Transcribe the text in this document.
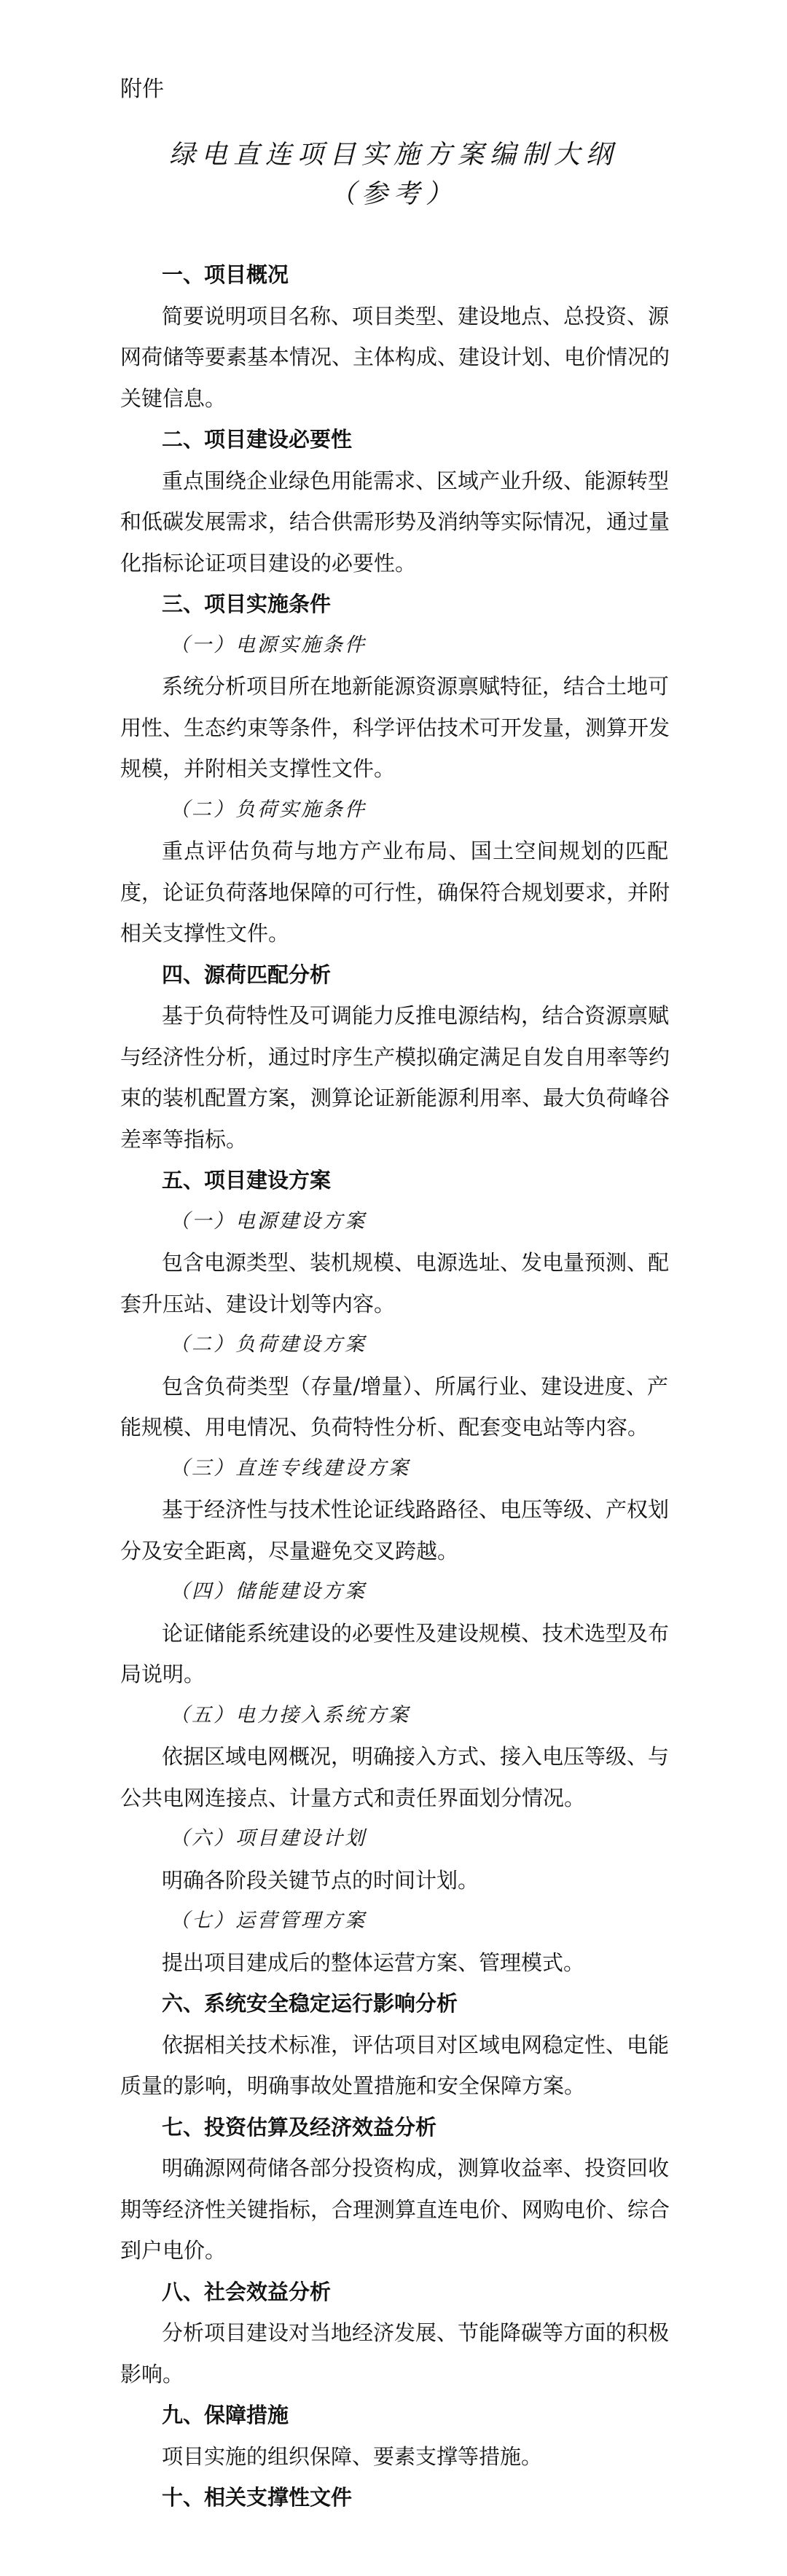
附件
绿电直连项目实施方案编制大纲
（参考）
一、项目概况
简要说明项目名称、项目类型、建设地点、总投资、源
网荷储等要素基本情况、主体构成、建设计划、电价情况的
关键信息。
二、项目建设必要性
重点围绕企业绿色用能需求、区域产业升级、能源转型
和低碳发展需求，结合供需形势及消纳等实际情况，通过量
化指标论证项目建设的必要性。
三、项目实施条件
（一）电源实施条件
系统分析项目所在地新能源资源禀赋特征，结合土地可
用性、生态约束等条件，科学评估技术可开发量，测算开发
规模，并附相关支撑性文件。
（二）负荷实施条件
重点评估负荷与地方产业布局、国土空间规划的匹配
度，论证负荷落地保障的可行性，确保符合规划要求，并附
相关支撑性文件。
四、源荷匹配分析
基于负荷特性及可调能力反推电源结构，结合资源禀赋
与经济性分析，通过时序生产模拟确定满足自发自用率等约
束的装机配置方案，测算论证新能源利用率、最大负荷峰谷
差率等指标。
五、项目建设方案
（一）电源建设方案
包含电源类型、装机规模、电源选址、发电量预测、配
套升压站、建设计划等内容。
（二）负荷建设方案
包含负荷类型（存量/增量）、所属行业、建设进度、产
能规模、用电情况、负荷特性分析、配套变电站等内容。
（三）直连专线建设方案
基于经济性与技术性论证线路路径、电压等级、产权划
分及安全距离，尽量避免交叉跨越。
（四）储能建设方案
论证储能系统建设的必要性及建设规模、技术选型及布
局说明。
（五）电力接入系统方案
依据区域电网概况，明确接入方式、接入电压等级、与
公共电网连接点、计量方式和责任界面划分情况。
（六）项目建设计划
明确各阶段关键节点的时间计划。
（七）运营管理方案
提出项目建成后的整体运营方案、管理模式。
六、系统安全稳定运行影响分析
依据相关技术标准，评估项目对区域电网稳定性、电能
质量的影响，明确事故处置措施和安全保障方案。
七、投资估算及经济效益分析
明确源网荷储各部分投资构成，测算收益率、投资回收
期等经济性关键指标，合理测算直连电价、网购电价、综合
到户电价。
八、社会效益分析
分析项目建设对当地经济发展、节能降碳等方面的积极
影响。
九、保障措施
项目实施的组织保障、要素支撑等措施。
十、相关支撑性文件
